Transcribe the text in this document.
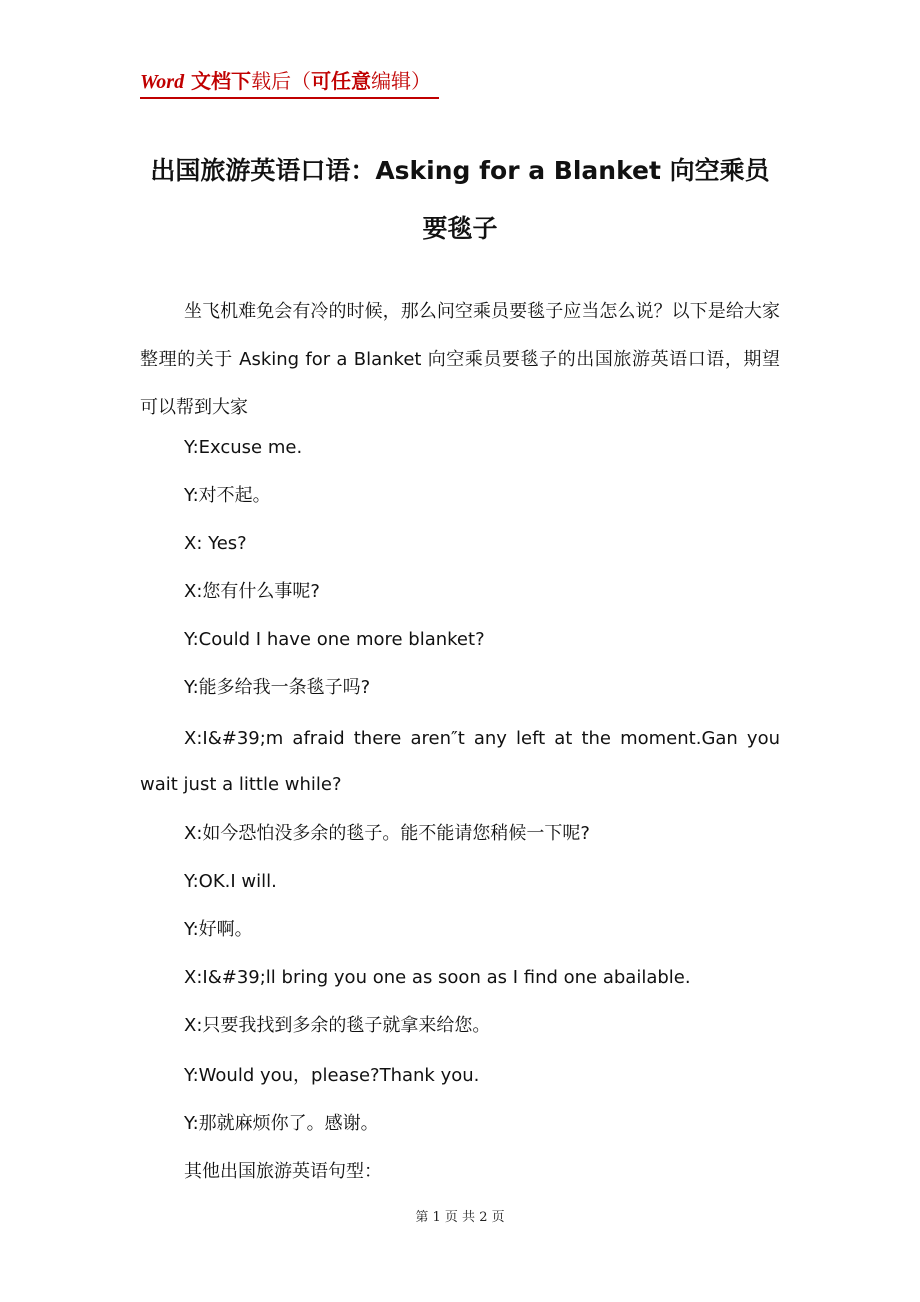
Word 文档下载后（可任意编辑）
出国旅游英语口语：Asking for a Blanket 向空乘员要毯子
坐飞机难免会有冷的时候，那么问空乘员要毯子应当怎么说？以下是给大家整理的关于 Asking for a Blanket 向空乘员要毯子的出国旅游英语口语，期望可以帮到大家
Y:Excuse me.
Y:对不起。
X: Yes?
X:您有什么事呢?
Y:Could I have one more blanket?
Y:能多给我一条毯子吗?
X:I&#39;m afraid there aren″t any left at the moment.Gan you wait just a little while?
X:如今恐怕没多余的毯子。能不能请您稍候一下呢?
Y:OK.I will.
Y:好啊。
X:I&#39;ll bring you one as soon as I find one abailable.
X:只要我找到多余的毯子就拿来给您。
Y:Would you，please?Thank you.
Y:那就麻烦你了。感谢。
其他出国旅游英语句型：
第 1 页 共 2 页
